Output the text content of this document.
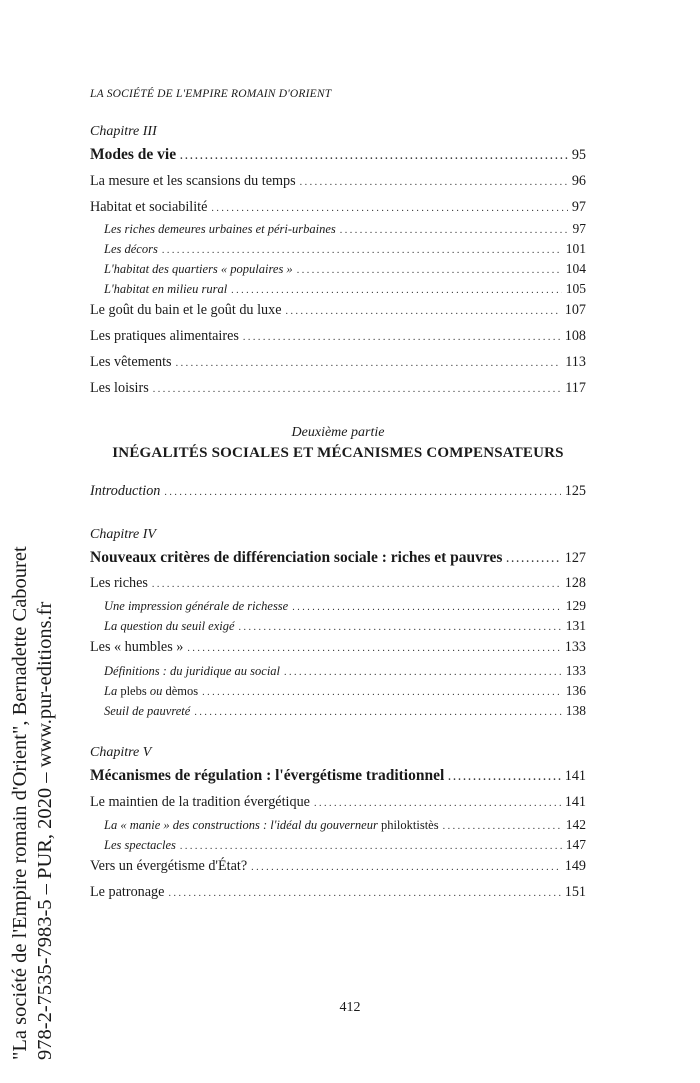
LA SOCIÉTÉ DE L'EMPIRE ROMAIN D'ORIENT
"La société de l'Empire romain d'Orient", Bernadette Cabouret 978-2-7535-7983-5 – PUR, 2020 – www.pur-editions.fr
Chapitre III
Modes de vie . . .	95
La mesure et les scansions du temps . . .	96
Habitat et sociabilité . . .	97
Les riches demeures urbaines et péri-urbaines . . .	97
Les décors . . .	101
L'habitat des quartiers « populaires » . . .	104
L'habitat en milieu rural . . .	105
Le goût du bain et le goût du luxe . . .	107
Les pratiques alimentaires . . .	108
Les vêtements . . .	113
Les loisirs . . .	117
Deuxième partie
INÉGALITÉS SOCIALES ET MÉCANISMES COMPENSATEURS
Introduction . . .	125
Chapitre IV
Nouveaux critères de différenciation sociale : riches et pauvres . . .	127
Les riches . . .	128
Une impression générale de richesse . . .	129
La question du seuil exigé . . .	131
Les « humbles » . . .	133
Définitions : du juridique au social . . .	133
La plebs ou dèmos . . .	136
Seuil de pauvreté . . .	138
Chapitre V
Mécanismes de régulation : l'évergétisme traditionnel . . .	141
Le maintien de la tradition évergétique . . .	141
La « manie » des constructions : l'idéal du gouverneur philoktistès . . .	142
Les spectacles . . .	147
Vers un évergétisme d'État? . . .	149
Le patronage . . .	151
412
